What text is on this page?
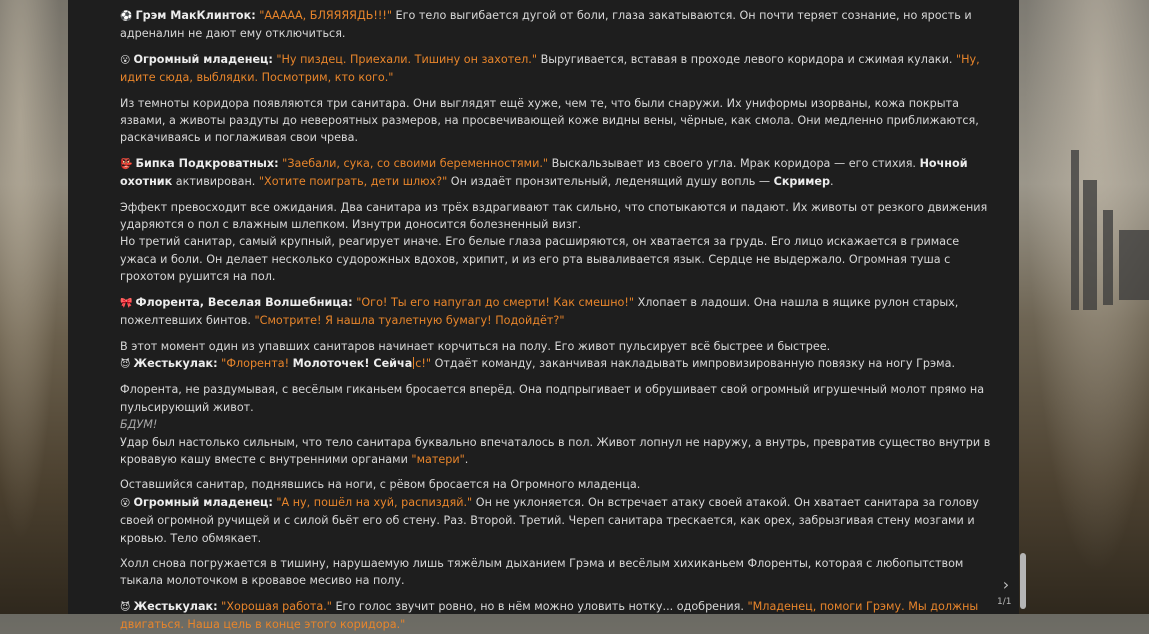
⚽ Грэм МакКлинток: "ААААА, БЛЯЯЯЯДЬ!!!" Его тело выгибается дугой от боли, глаза закатываются. Он почти теряет сознание, но ярость и адреналин не дают ему отключиться.

😮 Огромный младенец: "Ну пиздец. Приехали. Тишину он захотел." Выругивается, вставая в проходе левого коридора и сжимая кулаки. "Ну, идите сюда, выблядки. Посмотрим, кто кого."

Из темноты коридора появляются три санитара. Они выглядят ещё хуже, чем те, что были снаружи. Их униформы изорваны, кожа покрыта язвами, а животы раздуты до невероятных размеров, на просвечивающей коже видны вены, чёрные, как смола. Они медленно приближаются, раскачиваясь и поглаживая свои чрева.

👺 Бипка Подкроватных: "Заебали, сука, со своими беременностями." Выскальзывает из своего угла. Мрак коридора — его стихия. Ночной охотник активирован. "Хотите поиграть, дети шлюх?" Он издаёт пронзительный, леденящий душу вопль — Скример.

Эффект превосходит все ожидания. Два санитара из трёх вздрагивают так сильно, что спотыкаются и падают. Их животы от резкого движения ударяются о пол с влажным шлепком. Изнутри доносится болезненный визг.
Но третий санитар, самый крупный, реагирует иначе. Его белые глаза расширяются, он хватается за грудь. Его лицо искажается в гримасе ужаса и боли. Он делает несколько судорожных вдохов, хрипит, и из его рта вываливается язык. Сердце не выдержало. Огромная туша с грохотом рушится на пол.

🎀 Флорента, Веселая Волшебница: "Ого! Ты его напугал до смерти! Как смешно!" Хлопает в ладоши. Она нашла в ящике рулон старых, пожелтевших бинтов. "Смотрите! Я нашла туалетную бумагу! Подойдёт?"

В этот момент один из упавших санитаров начинает корчиться на полу. Его живот пульсирует всё быстрее и быстрее.
😈 Жестькулак: "Флорента! Молоточек! Сейча с!" Отдаёт команду, заканчивая накладывать импровизированную повязку на ногу Грэма.

Флорента, не раздумывая, с весёлым гиканьем бросается вперёд. Она подпрыгивает и обрушивает свой огромный игрушечный молот прямо на пульсирующий живот.
БДУМ!
Удар был настолько сильным, что тело санитара буквально впечаталось в пол. Живот лопнул не наружу, а внутрь, превратив существо внутри в кровавую кашу вместе с внутренними органами "матери".

Оставшийся санитар, поднявшись на ноги, с рёвом бросается на Огромного младенца.
😮 Огромный младенец: "А ну, пошёл на хуй, распиздяй." Он не уклоняется. Он встречает атаку своей атакой. Он хватает санитара за голову своей огромной ручищей и с силой бьёт его об стену. Раз. Второй. Третий. Череп санитара трескается, как орех, забрызгивая стену мозгами и кровью. Тело обмякает.

Холл снова погружается в тишину, нарушаемую лишь тяжёлым дыханием Грэма и весёлым хихиканьем Флоренты, которая с любопытством тыкала молоточком в кровавое месиво на полу.

😈 Жестькулак: "Хорошая работа." Его голос звучит ровно, но в нём можно уловить нотку... одобрения. "Младенец, помоги Грэму. Мы должны двигаться. Наша цель в конце этого коридора."

›
1/1
